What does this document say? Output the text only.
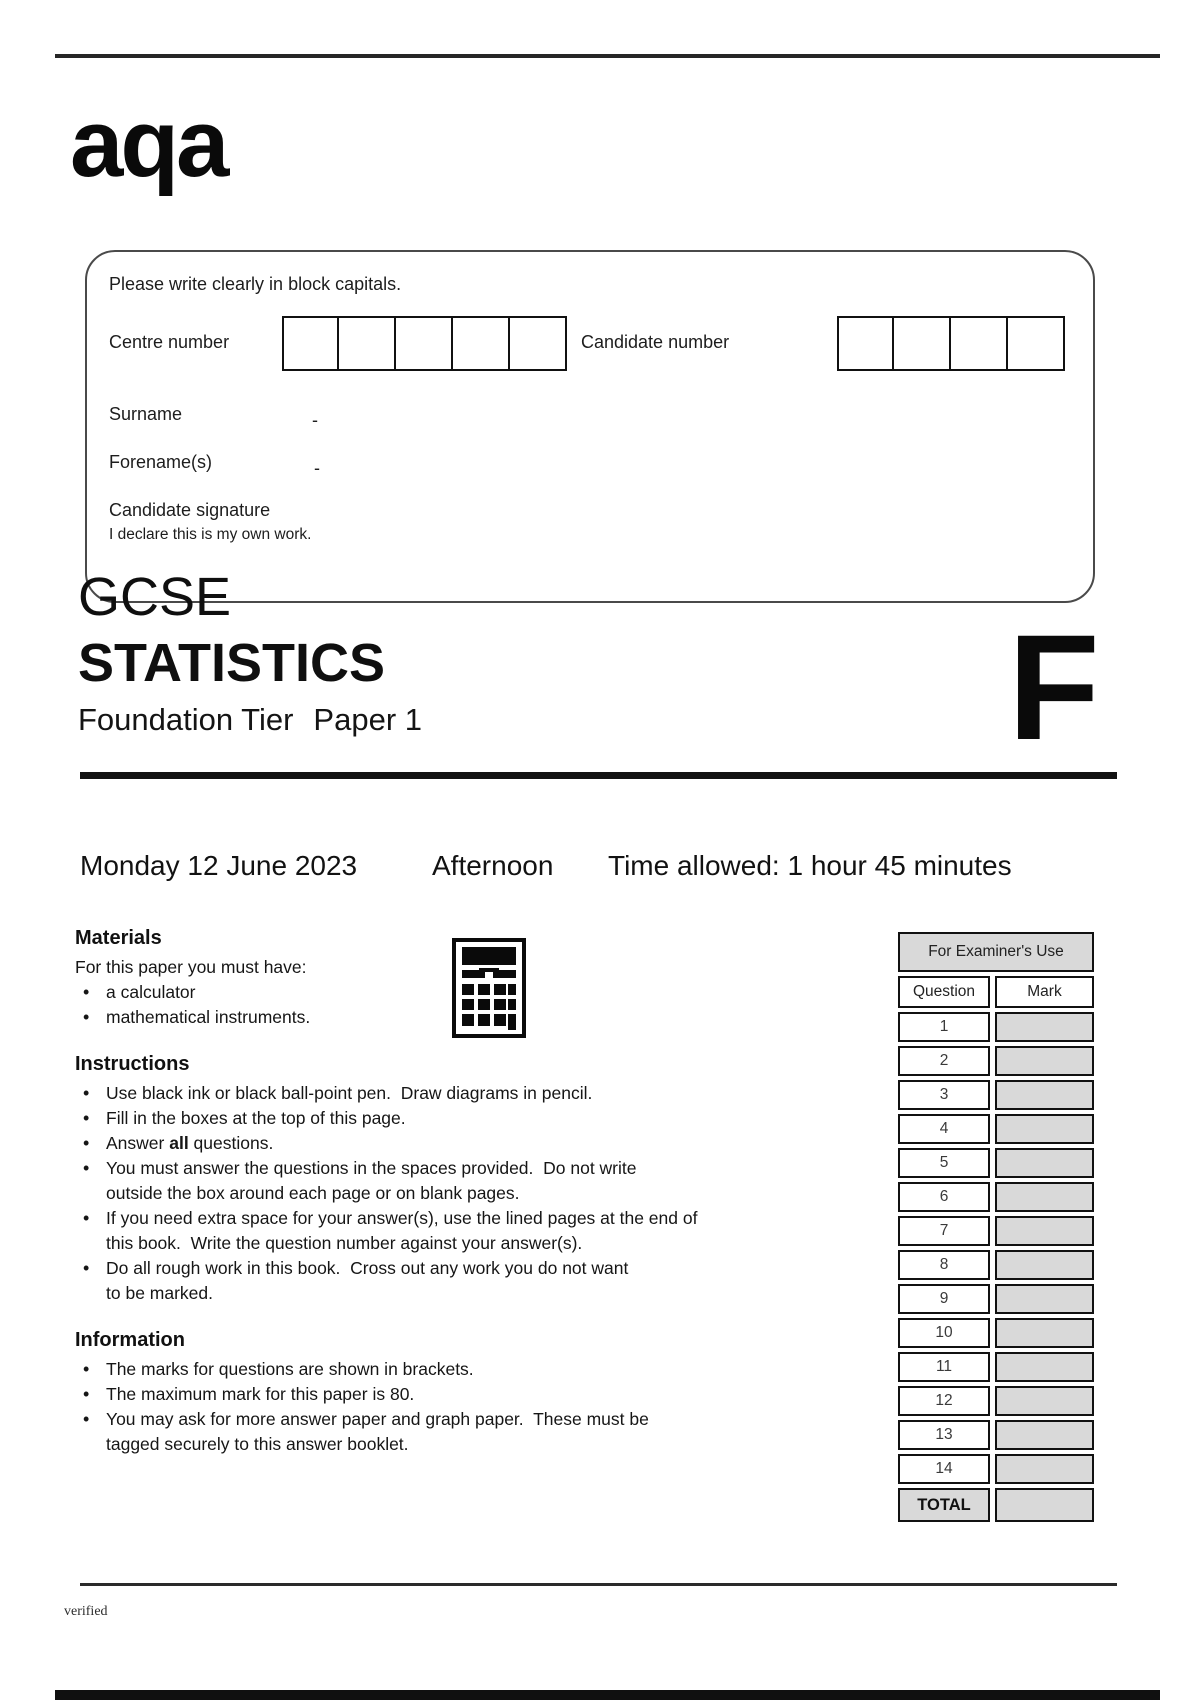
aqa
Please write clearly in block capitals.
Centre number	Candidate number
Surname	-
Forename(s)	-
Candidate signature
I declare this is my own work.
GCSE
STATISTICS
Foundation Tier Paper 1	F
Monday 12 June 2023	Afternoon Time allowed: 1 hour 45 minutes
Materials
For this paper you must have:
• a calculator
• mathematical instruments.
Instructions
• Use black ink or black ball-point pen.  Draw diagrams in pencil.
• Fill in the boxes at the top of this page.
• Answer all questions.
• You must answer the questions in the spaces provided.  Do not write
outside the box around each page or on blank pages.
• If you need extra space for your answer(s), use the lined pages at the end of
this book.  Write the question number against your answer(s).
• Do all rough work in this book.  Cross out any work you do not want
to be marked.
Information
• The marks for questions are shown in brackets.
• The maximum mark for this paper is 80.
• You may ask for more answer paper and graph paper.  These must be
tagged securely to this answer booklet.
For Examiner's Use	
Question	Mark
1	
2	
3	
4	
5	
6	
7	
8	
9	
10	
11	
12	
13	
14	
TOTAL	
verified
